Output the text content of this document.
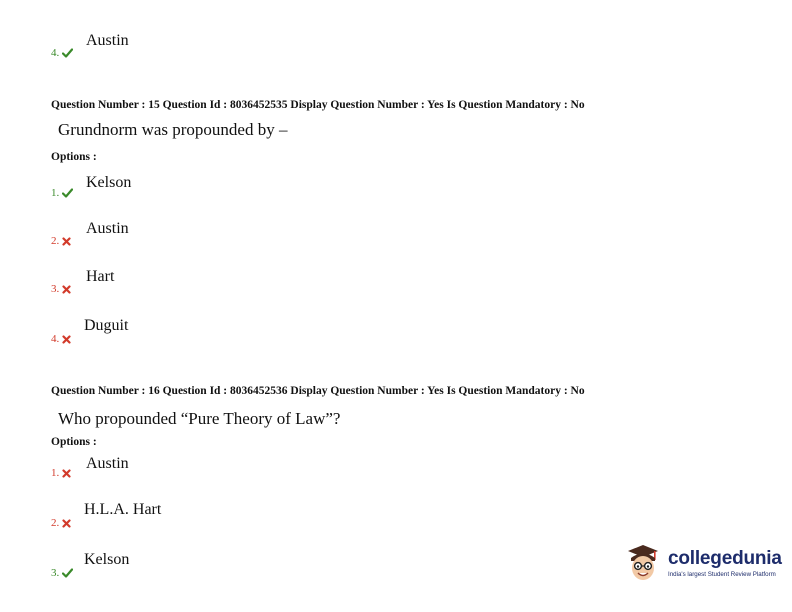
4.
Austin
Question Number : 15 Question Id : 8036452535 Display Question Number : Yes Is Question Mandatory : No
Grundnorm was propounded by –
Options :
1.
Kelson
2.
Austin
3.
Hart
4.
Duguit
Question Number : 16 Question Id : 8036452536 Display Question Number : Yes Is Question Mandatory : No
Who propounded “Pure Theory of Law”?
Options :
1.
Austin
2.
H.L.A. Hart
3.
Kelson	collegedunia
India's largest Student Review Platform
